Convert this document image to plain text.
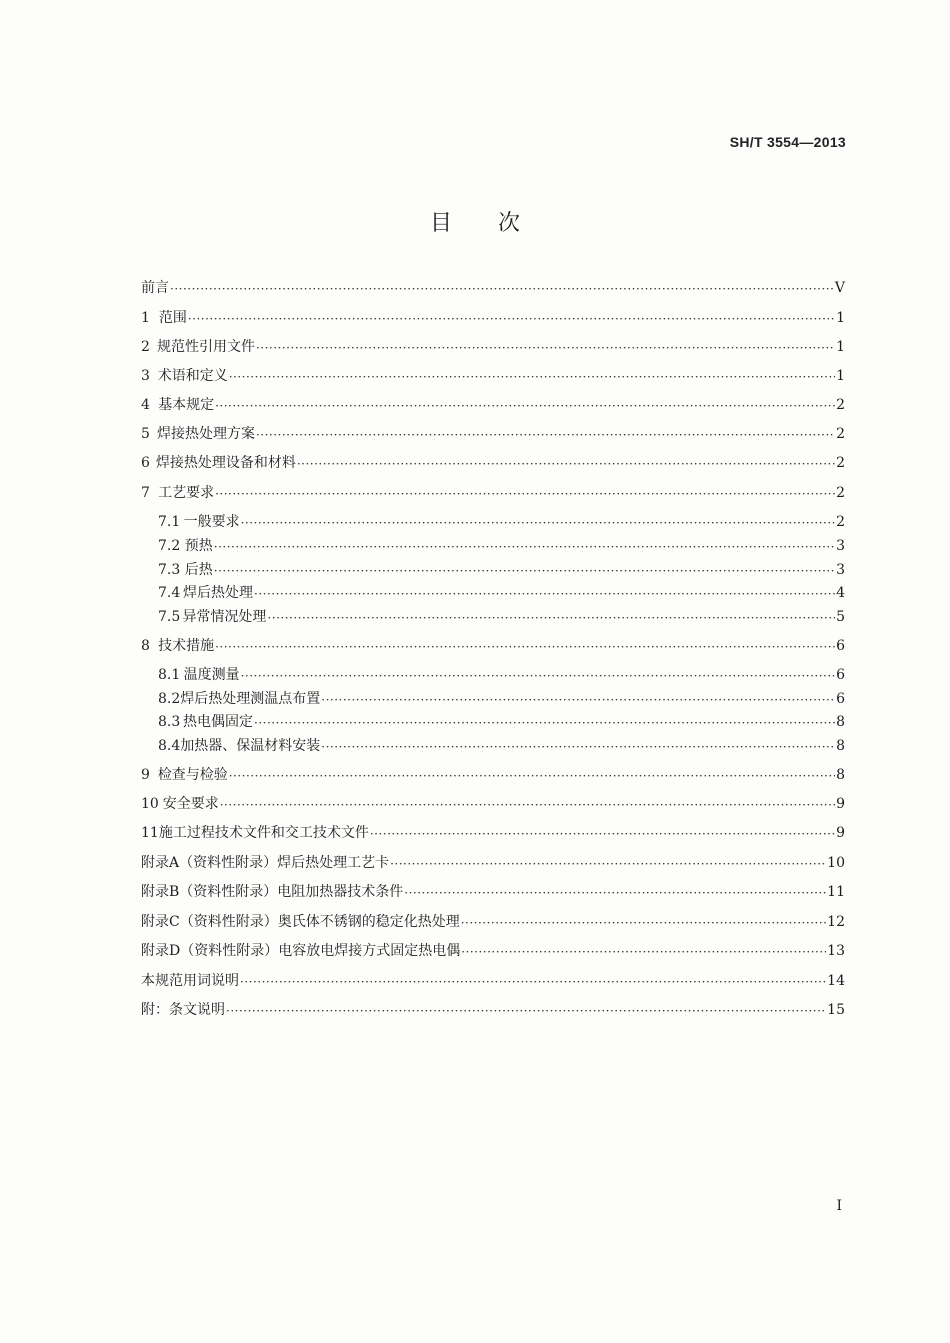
SH/T 3554—2013
目次
前言 ·····	V
1 范围 ·····	1
2 规范性引用文件 ·····	1
3 术语和定义 ·····	1
4 基本规定 ·····	2
5 焊接热处理方案 ·····	2
6 焊接热处理设备和材料 ·····	2
7 工艺要求 ·····	2
7.1 一般要求 ·····	2
7.2 预热 ·····	3
7.3 后热 ·····	3
7.4 焊后热处理 ·····	4
7.5 异常情况处理 ·····	5
8 技术措施 ·····	6
8.1 温度测量 ·····	6
8.2 焊后热处理测温点布置 ·····	6
8.3 热电偶固定 ·····	8
8.4 加热器、保温材料安装 ·····	8
9 检查与检验 ·····	8
10 安全要求 ·····	9
11 施工过程技术文件和交工技术文件 ·····	9
附录A（资料性附录）焊后热处理工艺卡 ·····	10
附录B（资料性附录）电阻加热器技术条件 ·····	11
附录C（资料性附录）奥氏体不锈钢的稳定化热处理 ·····	12
附录D（资料性附录）电容放电焊接方式固定热电偶 ·····	13
本规范用词说明 ·····	14
附：条文说明 ·····	15
I
